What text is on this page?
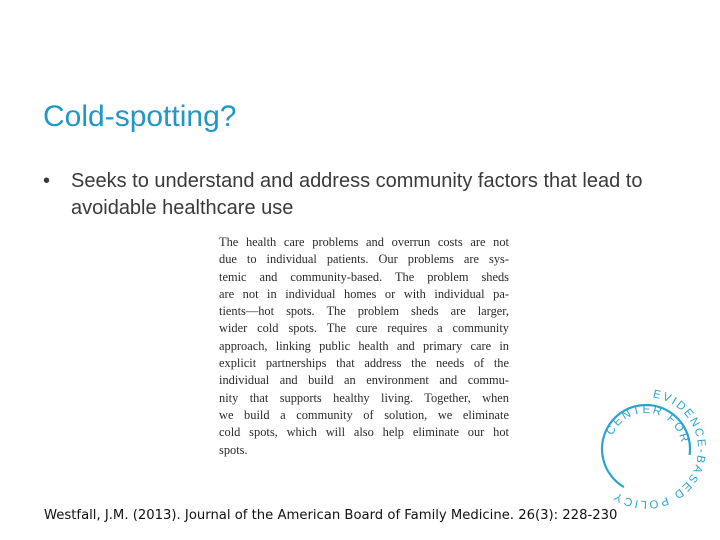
Cold-spotting?
• Seeks to understand and address community factors that lead to avoidable healthcare use
The health care problems and overrun costs are not
due to individual patients. Our problems are sys-
temic and community-based. The problem sheds
are not in individual homes or with individual pa-
tients—hot spots. The problem sheds are larger,
wider cold spots. The cure requires a community
approach, linking public health and primary care in
explicit partnerships that address the needs of the
individual and build an environment and commu-
nity that supports healthy living. Together, when
we build a community of solution, we eliminate
cold spots, which will also help eliminate our hot
spots.
EVIDENCE-BASED POLICY
CENTER FOR
Westfall, J.M. (2013). Journal of the American Board of Family Medicine. 26(3): 228-230
